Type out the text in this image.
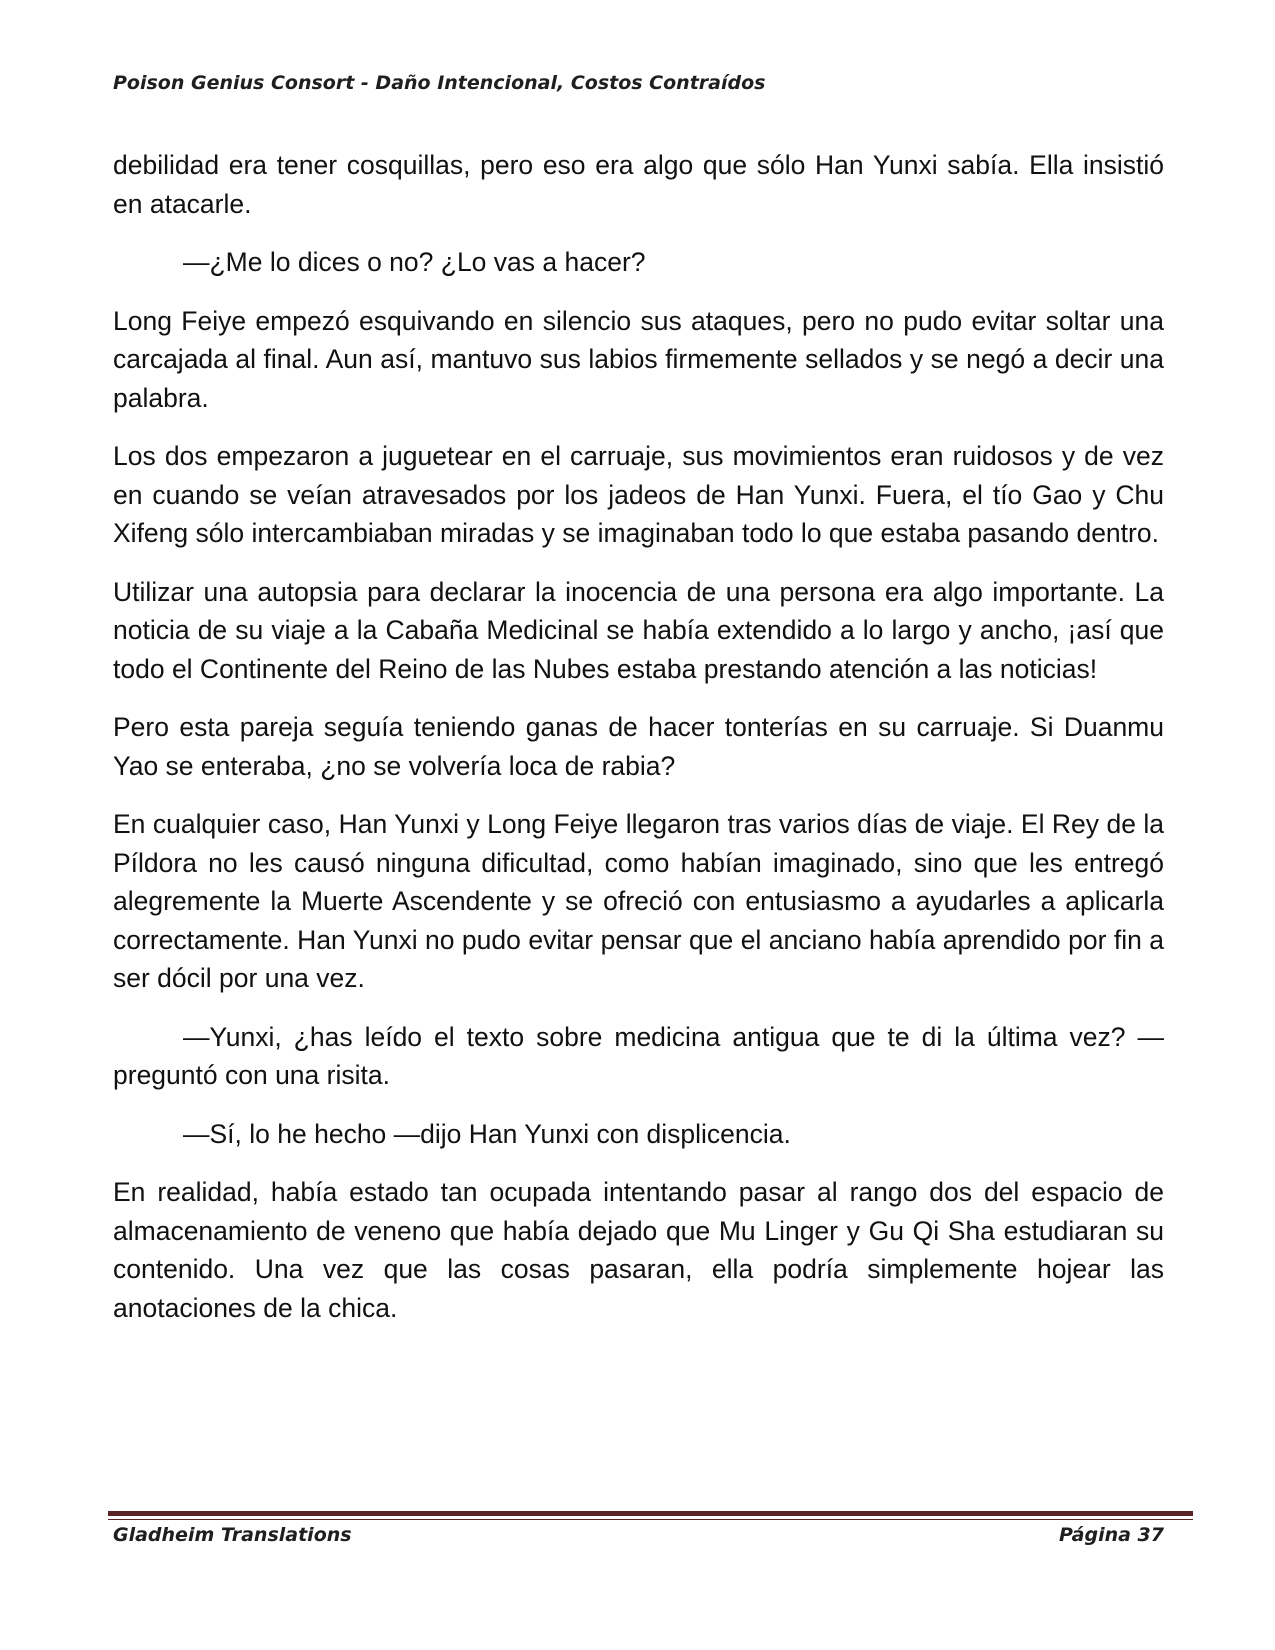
Poison Genius Consort - Daño Intencional, Costos Contraídos

debilidad era tener cosquillas, pero eso era algo que sólo Han Yunxi sabía. Ella insistió en atacarle.

—¿Me lo dices o no? ¿Lo vas a hacer?

Long Feiye empezó esquivando en silencio sus ataques, pero no pudo evitar soltar una carcajada al final. Aun así, mantuvo sus labios firmemente sellados y se negó a decir una palabra.

Los dos empezaron a juguetear en el carruaje, sus movimientos eran ruidosos y de vez en cuando se veían atravesados por los jadeos de Han Yunxi. Fuera, el tío Gao y Chu Xifeng sólo intercambiaban miradas y se imaginaban todo lo que estaba pasando dentro.

Utilizar una autopsia para declarar la inocencia de una persona era algo importante. La noticia de su viaje a la Cabaña Medicinal se había extendido a lo largo y ancho, ¡así que todo el Continente del Reino de las Nubes estaba prestando atención a las noticias!

Pero esta pareja seguía teniendo ganas de hacer tonterías en su carruaje. Si Duanmu Yao se enteraba, ¿no se volvería loca de rabia?

En cualquier caso, Han Yunxi y Long Feiye llegaron tras varios días de viaje. El Rey de la Píldora no les causó ninguna dificultad, como habían imaginado, sino que les entregó alegremente la Muerte Ascendente y se ofreció con entusiasmo a ayudarles a aplicarla correctamente. Han Yunxi no pudo evitar pensar que el anciano había aprendido por fin a ser dócil por una vez.

—Yunxi, ¿has leído el texto sobre medicina antigua que te di la última vez? —preguntó con una risita.

—Sí, lo he hecho —dijo Han Yunxi con displicencia.

En realidad, había estado tan ocupada intentando pasar al rango dos del espacio de almacenamiento de veneno que había dejado que Mu Linger y Gu Qi Sha estudiaran su contenido. Una vez que las cosas pasaran, ella podría simplemente hojear las anotaciones de la chica.

Gladheim Translations	Página 37
